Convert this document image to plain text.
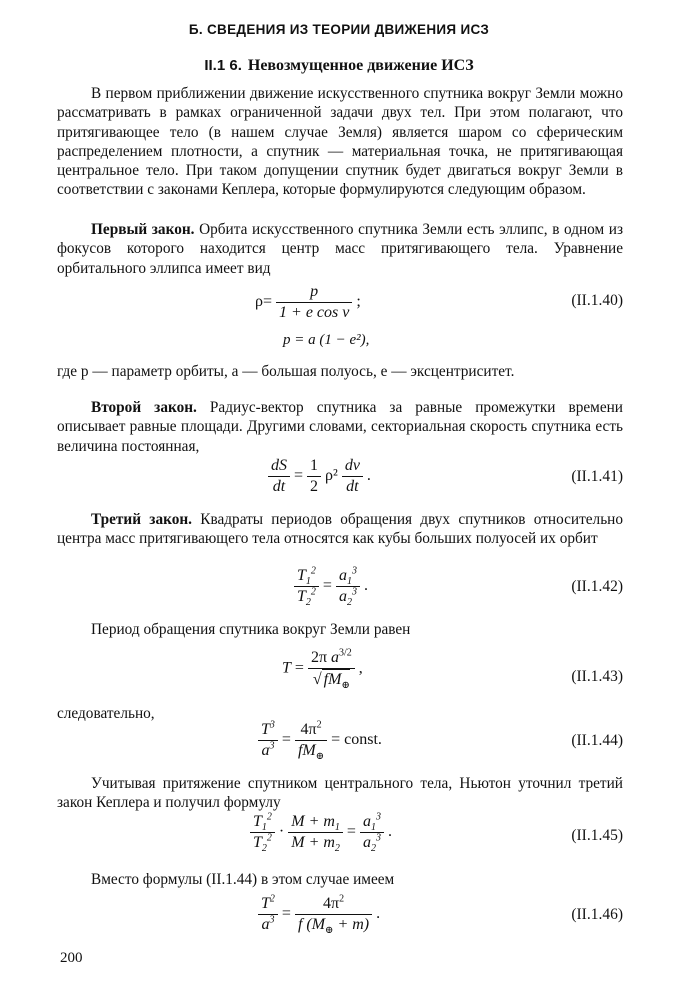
Б. СВЕДЕНИЯ ИЗ ТЕОРИИ ДВИЖЕНИЯ ИСЗ
II.1 6. Невозмущенное движение ИСЗ

В первом приближении движение искусственного спутника вокруг Земли можно рассматривать в рамках ограниченной задачи двух тел. При этом полагают, что притягивающее тело (в нашем случае Земля) является шаром со сферическим распределением плотности, а спутник — материальная точка, не притягивающая центральное тело. При таком допущении спутник будет двигаться вокруг Земли в соответствии с законами Кеплера, которые формулируются следующим образом.

Первый закон. Орбита искусственного спутника Земли есть эллипс, в одном из фокусов которого находится центр масс притягивающего тела. Уравнение орбитального эллипса имеет вид

$\rho= \frac{p}{\text{1 + e cos v}}$ ;	(II.1.40)
p = a (1 − e²),

где p — параметр орбиты, a — большая полуось, e — эксцентриситет.

Второй закон. Радиус-вектор спутника за равные промежутки времени описывает равные площади. Другими словами, секториальная скорость спутника есть величина постоянная,

$\frac{dS}{dt} = \frac{1}{2} \rho^2 \frac{dv}{dt}$ .	(II.1.41)

Третий закон. Квадраты периодов обращения двух спутников относительно центра масс притягивающего тела относятся как кубы больших полуосей их орбит

$\frac{T_1^2}{T_2^2} = \frac{a_1^3}{a_2^3}$ .	(II.1.42)

Период обращения спутника вокруг Земли равен

$T = \frac{2\pi a^{3/2}}{√ fM_\oplus}$ ,	(II.1.43)

следовательно,

$\frac{T^3}{a^3} = \frac{4\pi^2}{fM_\oplus}$ = const.	(II.1.44)

Учитывая притяжение спутником центрального тела, Ньютон уточнил третий закон Кеплера и получил формулу

$\frac{T_1^2}{T_2^2} \cdot \frac{M + m_1}{M + m_2} = \frac{a_1^3}{a_2^3}$ .	(II.1.45)

Вместо формулы (II.1.44) в этом случае имеем

$\frac{T^2}{a^3} = \frac{4\pi^2}{f (M_\oplus + m)}$ .	(II.1.46)
200
